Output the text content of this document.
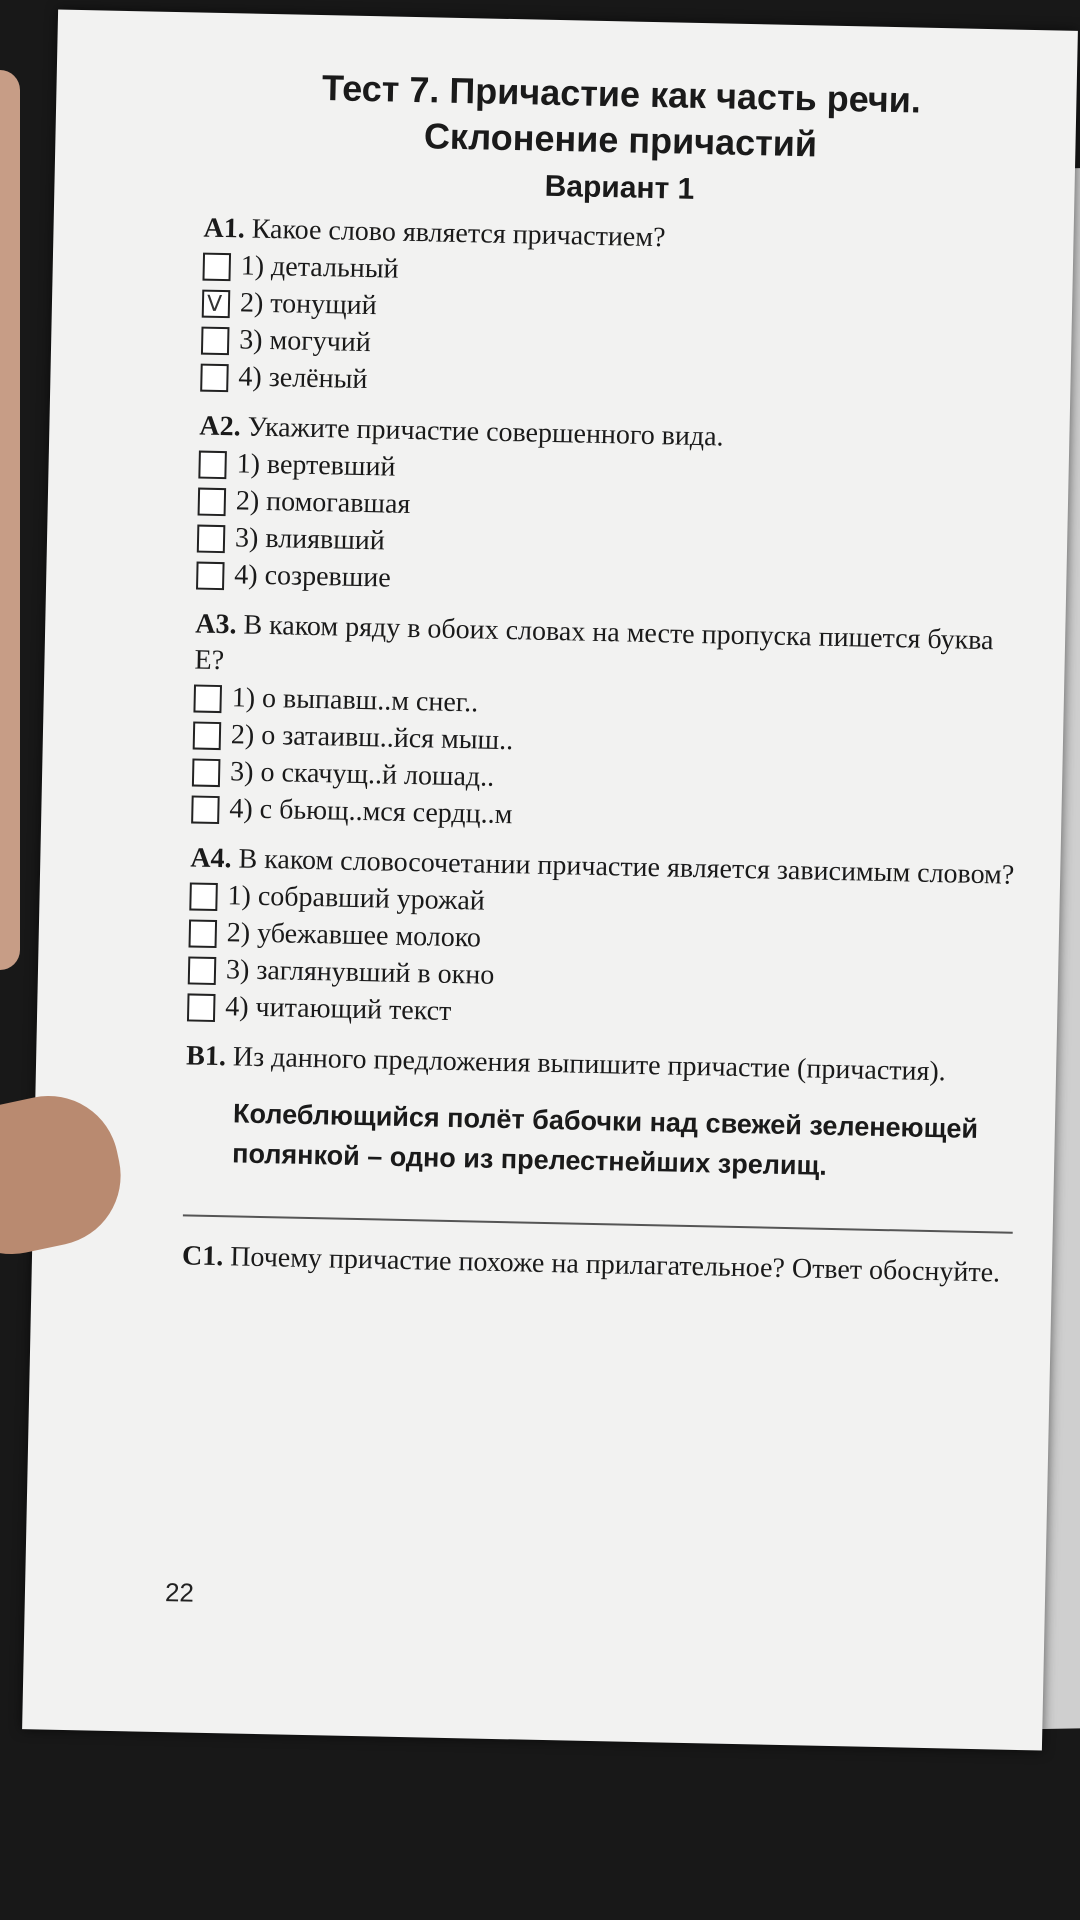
Тест 7. Причастие как часть речи.
Склонение причастий
Вариант 1
A1. Какое слово является причастием?
1) детальный
V 2) тонущий
3) могучий
4) зелёный
A2. Укажите причастие совершенного вида.
1) вертевший
2) помогавшая
3) влиявший
4) созревшие
A3. В каком ряду в обоих словах на месте пропуска пишется буква Е?
1) о выпавш..м снег..
2) о затаивш..йся мыш..
3) о скачущ..й лошад..
4) с бьющ..мся сердц..м
A4. В каком словосочетании причастие является зависимым словом?
1) собравший урожай
2) убежавшее молоко
3) заглянувший в окно
4) читающий текст
B1. Из данного предложения выпишите причастие (причастия).
Колеблющийся полёт бабочки над свежей зеленеющей полянкой – одно из прелестнейших зрелищ.
C1. Почему причастие похоже на прилагательное? Ответ обоснуйте.
22
